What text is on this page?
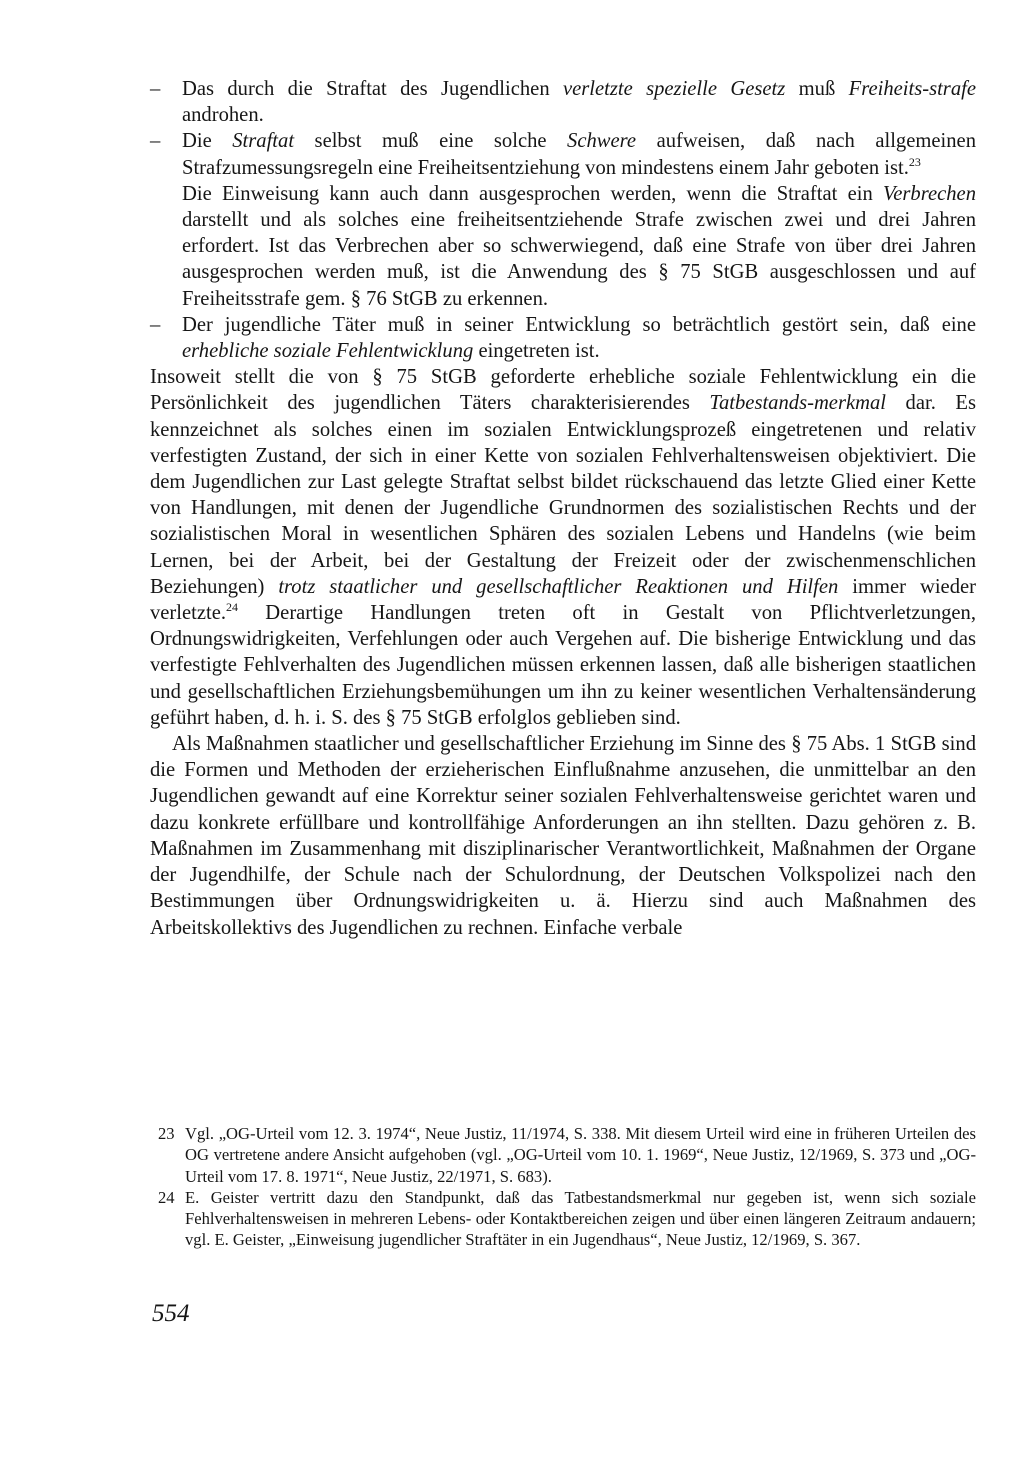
– Das durch die Straftat des Jugendlichen verletzte spezielle Gesetz muß Freiheits-strafe androhen.
– Die Straftat selbst muß eine solche Schwere aufweisen, daß nach allgemeinen Strafzumessungsregeln eine Freiheitsentziehung von mindestens einem Jahr geboten ist.$^{23}$
Die Einweisung kann auch dann ausgesprochen werden, wenn die Straftat ein Verbrechen darstellt und als solches eine freiheitsentziehende Strafe zwischen zwei und drei Jahren erfordert. Ist das Verbrechen aber so schwerwiegend, daß eine Strafe von über drei Jahren ausgesprochen werden muß, ist die Anwendung des § 75 StGB ausgeschlossen und auf Freiheitsstrafe gem. § 76 StGB zu erkennen.
– Der jugendliche Täter muß in seiner Entwicklung so beträchtlich gestört sein, daß eine erhebliche soziale Fehlentwicklung eingetreten ist.
Insoweit stellt die von § 75 StGB geforderte erhebliche soziale Fehlentwicklung ein die Persönlichkeit des jugendlichen Täters charakterisierendes Tatbestands-merkmal dar. Es kennzeichnet als solches einen im sozialen Entwicklungsprozeß eingetretenen und relativ verfestigten Zustand, der sich in einer Kette von sozialen Fehlverhaltensweisen objektiviert. Die dem Jugendlichen zur Last gelegte Straftat selbst bildet rückschauend das letzte Glied einer Kette von Handlungen, mit denen der Jugendliche Grundnormen des sozialistischen Rechts und der sozialistischen Moral in wesentlichen Sphären des sozialen Lebens und Handelns (wie beim Lernen, bei der Arbeit, bei der Gestaltung der Freizeit oder der zwischenmenschlichen Beziehungen) trotz staatlicher und gesellschaftlicher Reaktionen und Hilfen immer wieder verletzte.$^{24}$ Derartige Handlungen treten oft in Gestalt von Pflichtverletzungen, Ordnungswidrigkeiten, Verfehlungen oder auch Vergehen auf. Die bisherige Entwicklung und das verfestigte Fehlverhalten des Jugendlichen müssen erkennen lassen, daß alle bisherigen staatlichen und gesellschaftlichen Erziehungsbemühungen um ihn zu keiner wesentlichen Verhaltensänderung geführt haben, d. h. i. S. des § 75 StGB erfolglos geblieben sind.
Als Maßnahmen staatlicher und gesellschaftlicher Erziehung im Sinne des § 75 Abs. 1 StGB sind die Formen und Methoden der erzieherischen Einflußnahme anzusehen, die unmittelbar an den Jugendlichen gewandt auf eine Korrektur seiner sozialen Fehlverhaltensweise gerichtet waren und dazu konkrete erfüllbare und kontrollfähige Anforderungen an ihn stellten. Dazu gehören z. B. Maßnahmen im Zusammenhang mit disziplinarischer Verantwortlichkeit, Maßnahmen der Organe der Jugendhilfe, der Schule nach der Schulordnung, der Deutschen Volkspolizei nach den Bestimmungen über Ordnungswidrigkeiten u. ä. Hierzu sind auch Maßnahmen des Arbeitskollektivs des Jugendlichen zu rechnen. Einfache verbale
23 Vgl. „OG-Urteil vom 12. 3. 1974“, Neue Justiz, 11/1974, S. 338. Mit diesem Urteil wird eine in früheren Urteilen des OG vertretene andere Ansicht aufgehoben (vgl. „OG-Urteil vom 10. 1. 1969“, Neue Justiz, 12/1969, S. 373 und „OG-Urteil vom 17. 8. 1971“, Neue Justiz, 22/1971, S. 683).
24 E. Geister vertritt dazu den Standpunkt, daß das Tatbestandsmerkmal nur gegeben ist, wenn sich soziale Fehlverhaltensweisen in mehreren Lebens- oder Kontaktbereichen zeigen und über einen längeren Zeitraum andauern; vgl. E. Geister, „Einweisung jugendlicher Straftäter in ein Jugendhaus“, Neue Justiz, 12/1969, S. 367.
554
